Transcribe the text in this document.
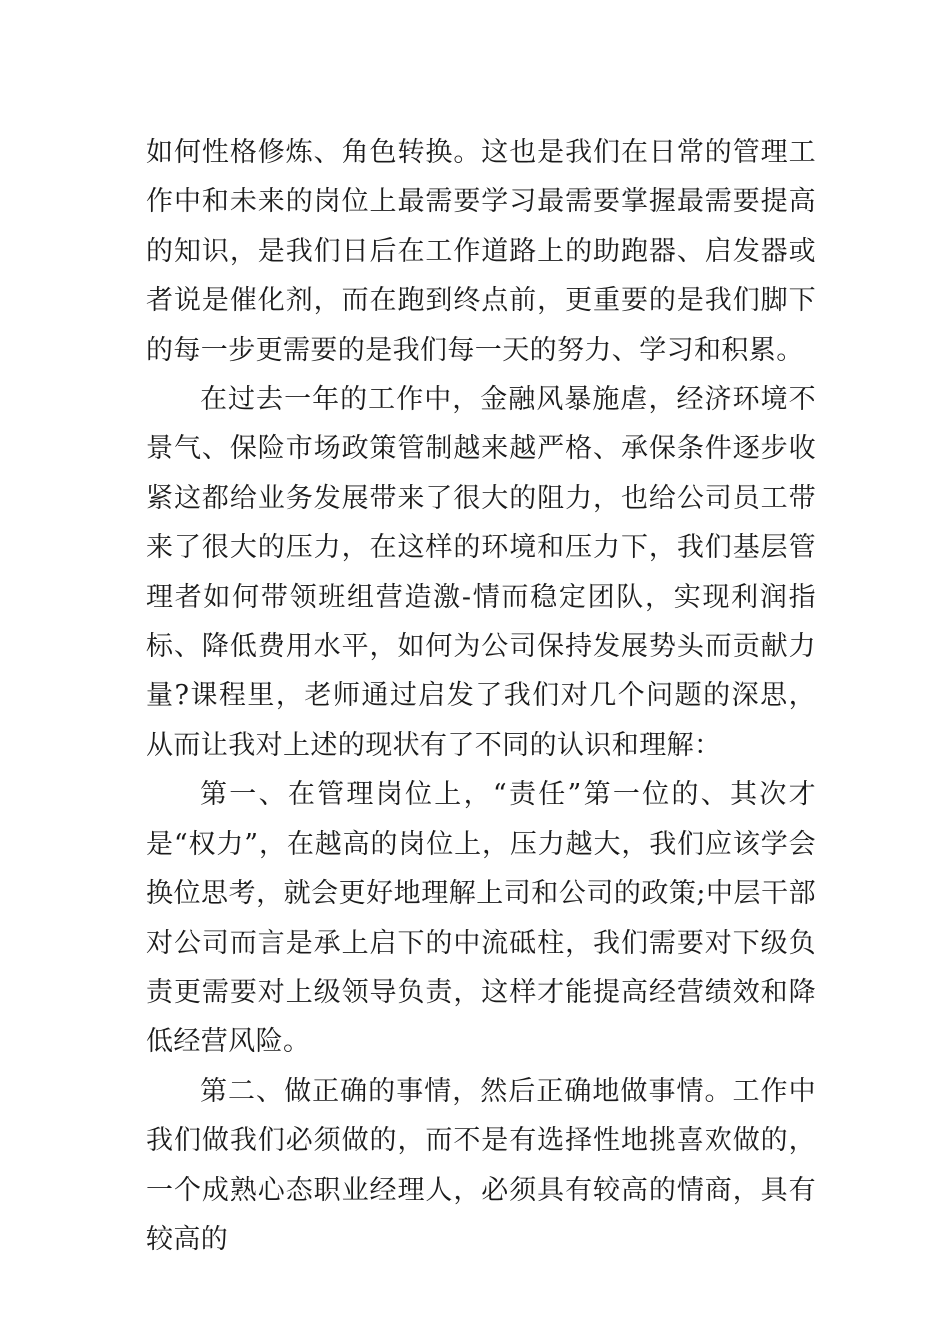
如何性格修炼、角色转换。这也是我们在日常的管理工作中和未来的岗位上最需要学习最需要掌握最需要提高的知识，是我们日后在工作道路上的助跑器、启发器或者说是催化剂，而在跑到终点前，更重要的是我们脚下的每一步更需要的是我们每一天的努力、学习和积累。

在过去一年的工作中，金融风暴施虐，经济环境不景气、保险市场政策管制越来越严格、承保条件逐步收紧这都给业务发展带来了很大的阻力，也给公司员工带来了很大的压力，在这样的环境和压力下，我们基层管理者如何带领班组营造激-情而稳定团队，实现利润指标、降低费用水平，如何为公司保持发展势头而贡献力量?课程里，老师通过启发了我们对几个问题的深思，从而让我对上述的现状有了不同的认识和理解：

第一、在管理岗位上，“责任”第一位的、其次才是“权力”，在越高的岗位上，压力越大，我们应该学会换位思考，就会更好地理解上司和公司的政策;中层干部对公司而言是承上启下的中流砥柱，我们需要对下级负责更需要对上级领导负责，这样才能提高经营绩效和降低经营风险。

第二、做正确的事情，然后正确地做事情。工作中我们做我们必须做的，而不是有选择性地挑喜欢做的，一个成熟心态职业经理人，必须具有较高的情商，具有较高的
